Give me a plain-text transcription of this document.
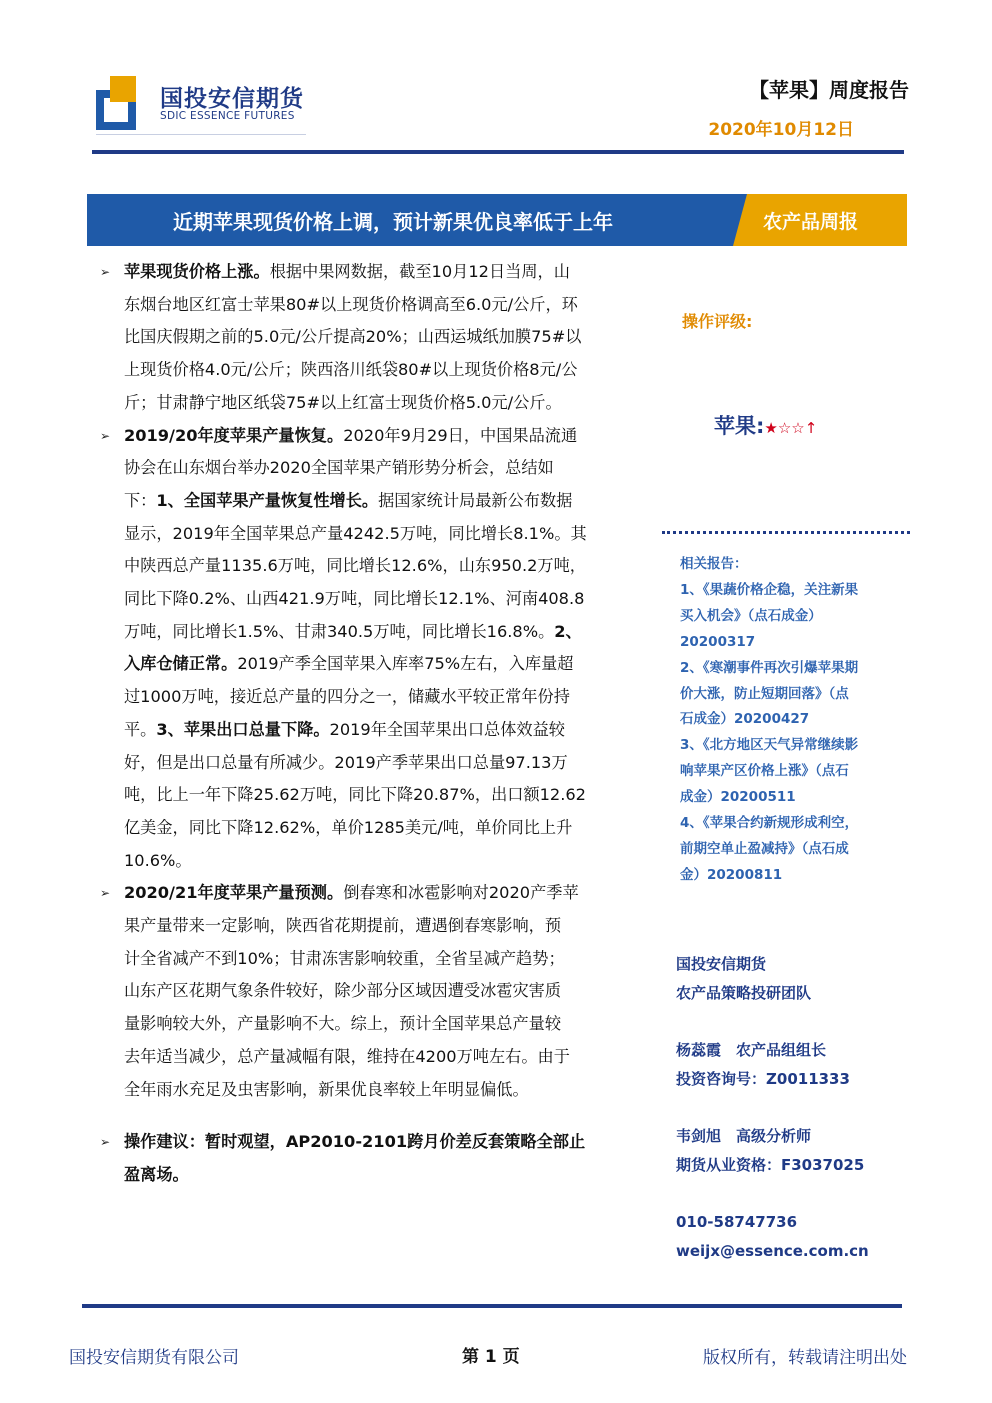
国投安信期货
SDIC ESSENCE FUTURES
【苹果】周度报告
2020年10月12日
近期苹果现货价格上调，预计新果优良率低于上年	农产品周报
➢ 苹果现货价格上涨。根据中果网数据，截至10月12日当周，山
东烟台地区红富士苹果80#以上现货价格调高至6.0元/公斤，环
比国庆假期之前的5.0元/公斤提高20%；山西运城纸加膜75#以
上现货价格4.0元/公斤；陕西洛川纸袋80#以上现货价格8元/公
斤；甘肃静宁地区纸袋75#以上红富士现货价格5.0元/公斤。
➢ 2019/20年度苹果产量恢复。2020年9月29日，中国果品流通
协会在山东烟台举办2020全国苹果产销形势分析会，总结如
下：1、全国苹果产量恢复性增长。据国家统计局最新公布数据
显示，2019年全国苹果总产量4242.5万吨，同比增长8.1%。其
中陕西总产量1135.6万吨，同比增长12.6%，山东950.2万吨，
同比下降0.2%、山西421.9万吨，同比增长12.1%、河南408.8
万吨，同比增长1.5%、甘肃340.5万吨，同比增长16.8%。2、
入库仓储正常。2019产季全国苹果入库率75%左右，入库量超
过1000万吨，接近总产量的四分之一，储藏水平较正常年份持
平。3、苹果出口总量下降。2019年全国苹果出口总体效益较
好，但是出口总量有所减少。2019产季苹果出口总量97.13万
吨，比上一年下降25.62万吨，同比下降20.87%，出口额12.62
亿美金，同比下降12.62%，单价1285美元/吨，单价同比上升
10.6%。
➢ 2020/21年度苹果产量预测。倒春寒和冰雹影响对2020产季苹
果产量带来一定影响，陕西省花期提前，遭遇倒春寒影响，预
计全省减产不到10%；甘肃冻害影响较重，全省呈减产趋势；
山东产区花期气象条件较好，除少部分区域因遭受冰雹灾害质
量影响较大外，产量影响不大。综上，预计全国苹果总产量较
去年适当减少，总产量减幅有限，维持在4200万吨左右。由于
全年雨水充足及虫害影响，新果优良率较上年明显偏低。
➢ 操作建议：暂时观望，AP2010-2101跨月价差反套策略全部止
盈离场。
操作评级:
苹果:★☆☆↑
相关报告：
1、《果蔬价格企稳，关注新果
买入机会》（点石成金）
20200317
2、《寒潮事件再次引爆苹果期
价大涨，防止短期回落》（点
石成金）20200427
3、《北方地区天气异常继续影
响苹果产区价格上涨》（点石
成金）20200511
4、《苹果合约新规形成利空，
前期空单止盈减持》（点石成
金）20200811
国投安信期货
农产品策略投研团队
杨蕊霞　农产品组组长
投资咨询号：Z0011333
韦剑旭　高级分析师
期货从业资格：F3037025
010-58747736
weijx@essence.com.cn
国投安信期货有限公司	第 1 页	版权所有，转载请注明出处
